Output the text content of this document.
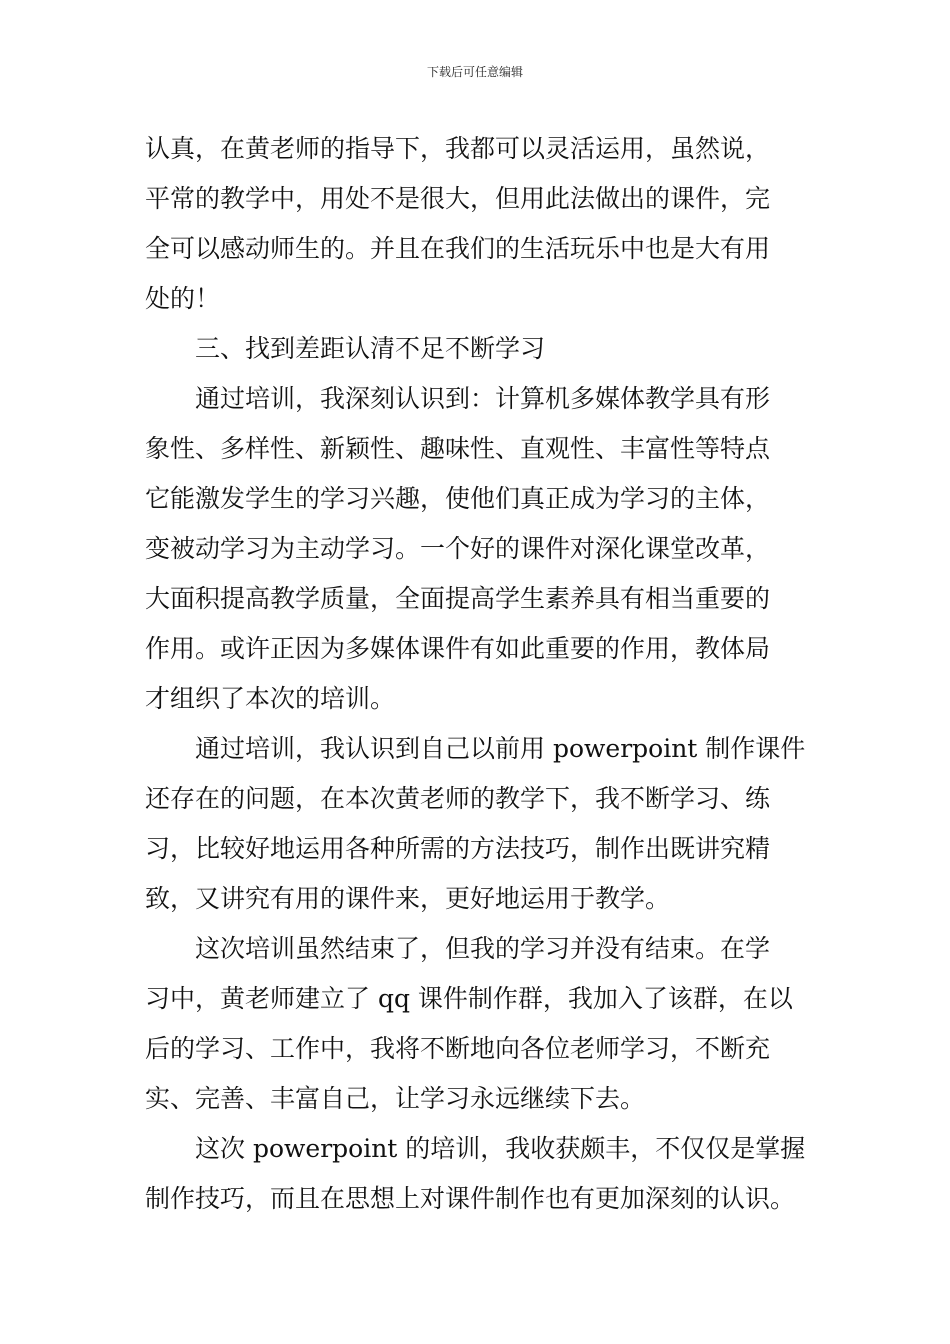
下载后可任意编辑
认真，在黄老师的指导下，我都可以灵活运用，虽然说，
平常的教学中，用处不是很大，但用此法做出的课件，完
全可以感动师生的。并且在我们的生活玩乐中也是大有用
处的！
　　三、找到差距认清不足不断学习
　　通过培训，我深刻认识到：计算机多媒体教学具有形
象性、多样性、新颖性、趣味性、直观性、丰富性等特点
它能激发学生的学习兴趣，使他们真正成为学习的主体，
变被动学习为主动学习。一个好的课件对深化课堂改革，
大面积提高教学质量，全面提高学生素养具有相当重要的
作用。或许正因为多媒体课件有如此重要的作用，教体局
才组织了本次的培训。
　　通过培训，我认识到自己以前用 powerpoint 制作课件
还存在的问题，在本次黄老师的教学下，我不断学习、练
习，比较好地运用各种所需的方法技巧，制作出既讲究精
致，又讲究有用的课件来，更好地运用于教学。
　　这次培训虽然结束了，但我的学习并没有结束。在学
习中，黄老师建立了 qq 课件制作群，我加入了该群，在以
后的学习、工作中，我将不断地向各位老师学习，不断充
实、完善、丰富自己，让学习永远继续下去。
　　这次 powerpoint 的培训，我收获颇丰，不仅仅是掌握
制作技巧，而且在思想上对课件制作也有更加深刻的认识。
